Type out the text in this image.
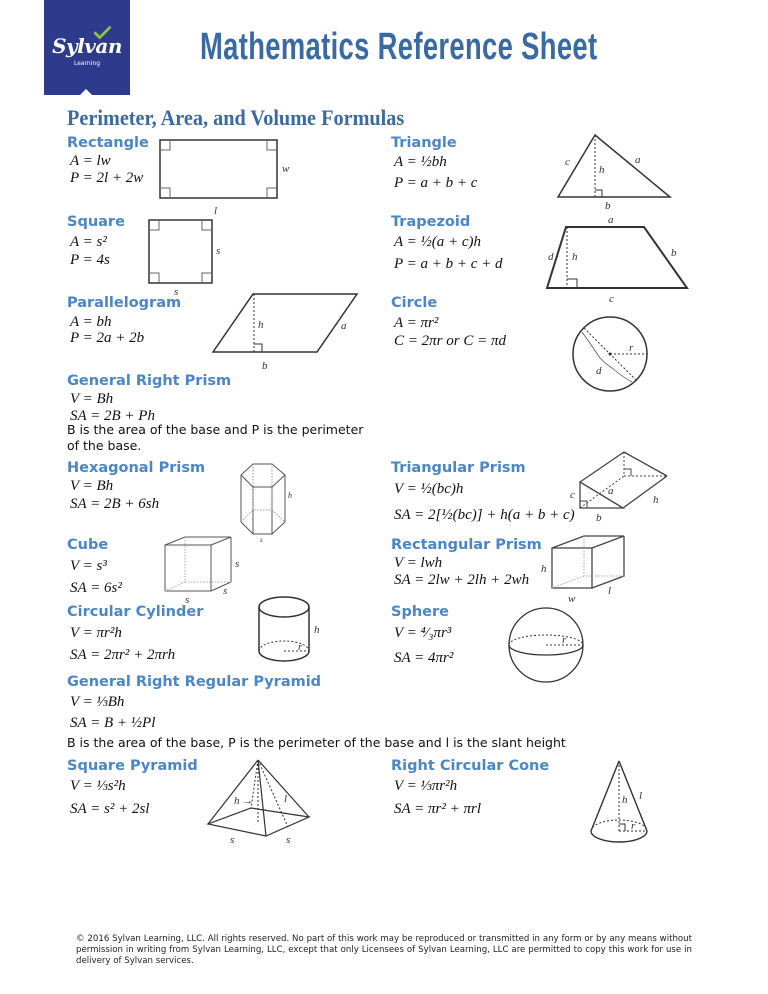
Sylvan
Learning	Mathematics Reference Sheet
Perimeter, Area, and Volume Formulas
Rectangle
A = lw
P = 2l + 2w
w
l
Triangle
A = ½bh
P = a + b + c
c
h
a
b
Square
A = s²
P = 4s
s
s
Trapezoid
A = ½(a + c)h
P = a + b + c + d
a
b
c
d h
Parallelogram
A = bh
P = 2a + 2b
h	a
b
Circle
A = πr²
C = 2πr or C = πd	r
d
General Right Prism
V = Bh
SA = 2B + Ph
B is the area of the base and P is the perimeter of the base.
Hexagonal Prism
V = Bh
SA = 2B + 6sh
h
s
Triangular Prism
V = ½(bc)h
SA = 2[½(bc)] + h(a + b + c)
c	a
h
b
Cube
V = s³
SA = 6s²
s
s
s
Rectangular Prism
V = lwh
SA = 2lw + 2lh + 2wh
h
w
l
Circular Cylinder
V = πr²h
SA = 2πr² + 2πrh
h
r
Sphere
V = ⁴⁄₃πr³
SA = 4πr²
r
General Right Regular Pyramid
V = ⅓Bh
SA = B + ½Pl
B is the area of the base, P is the perimeter of the base and l is the slant height
Square Pyramid
V = ⅓s²h
SA = s² + 2sl	h →	l
s	s
Right Circular Cone
V = ⅓πr²h
SA = πr² + πrl
h l
r
© 2016 Sylvan Learning, LLC. All rights reserved. No part of this work may be reproduced or transmitted in any form or by any means without permission in writing from Sylvan Learning, LLC, except that only Licensees of Sylvan Learning, LLC are permitted to copy this work for use in delivery of Sylvan services.
